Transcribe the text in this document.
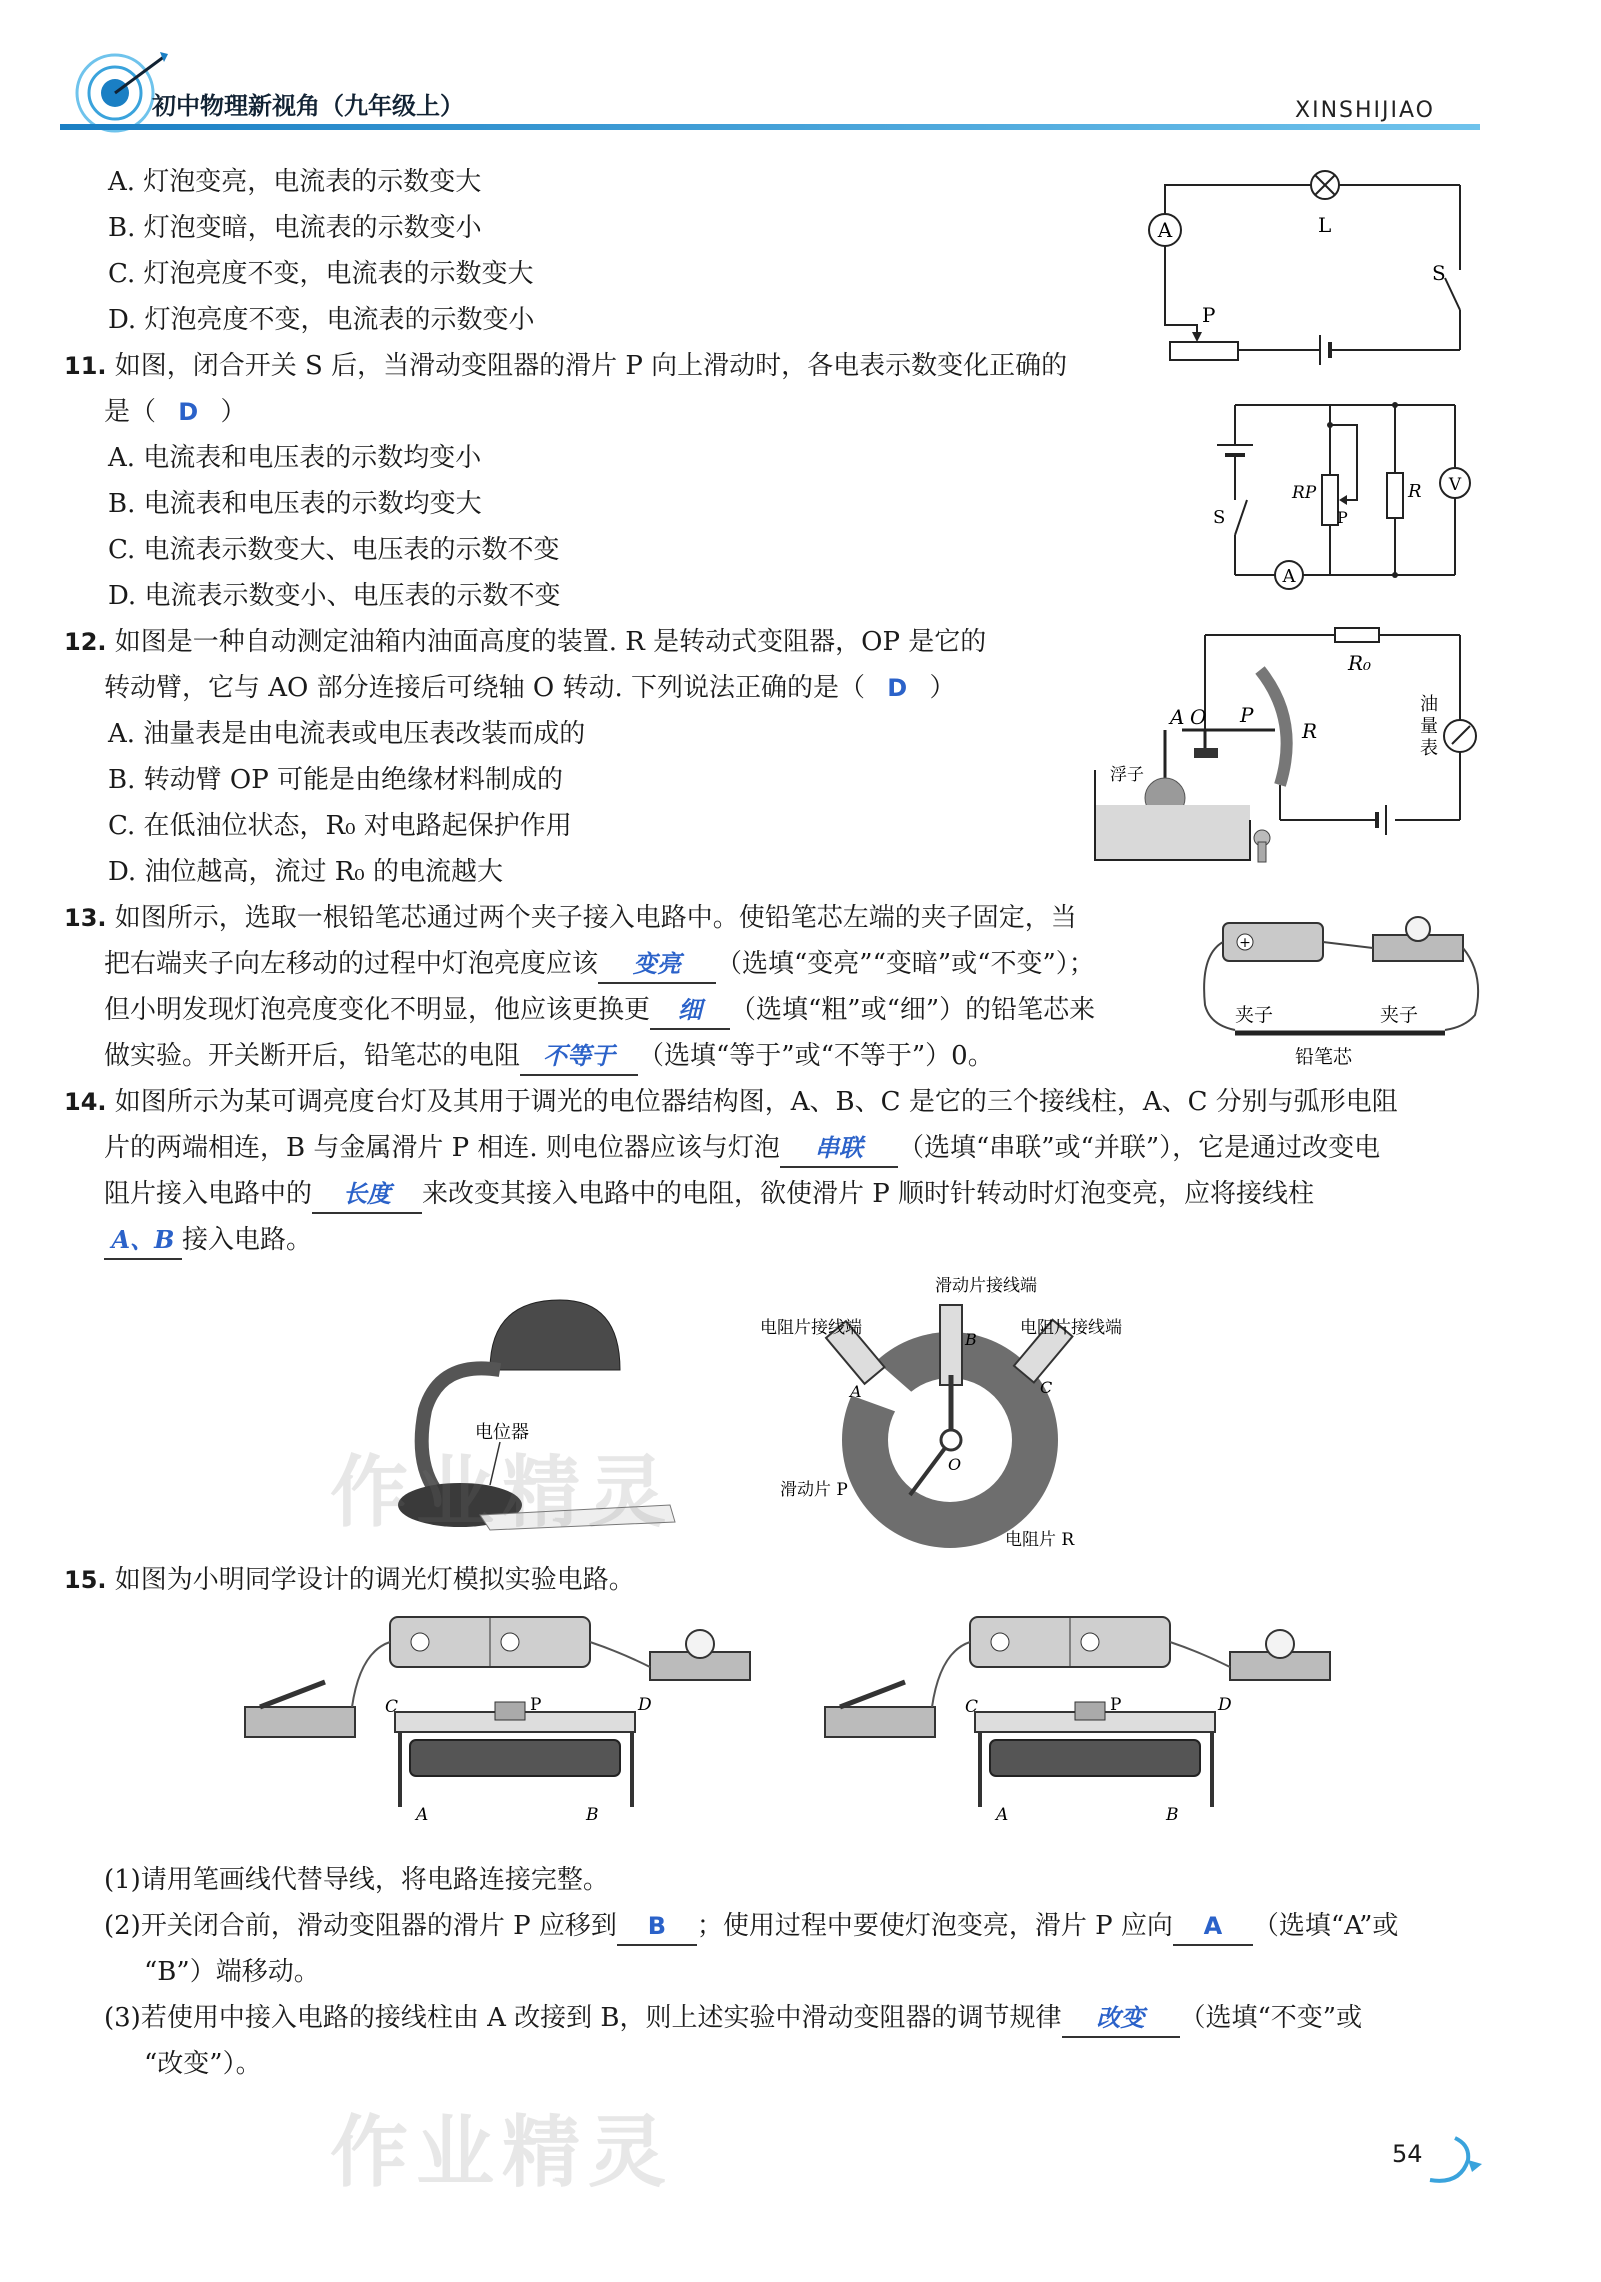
初中物理新视角（九年级上）	XINSHIJIAO
A. 灯泡变亮，电流表的示数变大
B. 灯泡变暗，电流表的示数变小
C. 灯泡亮度不变，电流表的示数变大
D. 灯泡亮度不变，电流表的示数变小
A	L
S
P
11. 如图，闭合开关 S 后，当滑动变阻器的滑片 P 向上滑动时，各电表示数变化正确的
是（ D ）
A. 电流表和电压表的示数均变小
B. 电流表和电压表的示数均变大
C. 电流表示数变大、电压表的示数不变
D. 电流表示数变小、电压表的示数不变
A
RP
P
R V
S
12. 如图是一种自动测定油箱内油面高度的装置. R 是转动式变阻器，OP 是它的
转动臂，它与 AO 部分连接后可绕轴 O 转动. 下列说法正确的是（ D ）
A. 油量表是由电流表或电压表改装而成的
B. 转动臂 OP 可能是由绝缘材料制成的
C. 在低油位状态，R₀ 对电路起保护作用
D. 油位越高，流过 R₀ 的电流越大
R₀
油
量
表
A O P
R
浮子
13. 如图所示，选取一根铅笔芯通过两个夹子接入电路中。使铅笔芯左端的夹子固定，当
把右端夹子向左移动的过程中灯泡亮度应该 变亮 （选填“变亮”“变暗”或“不变”）；
但小明发现灯泡亮度变化不明显，他应该更换更 细 （选填“粗”或“细”）的铅笔芯来
做实验。开关断开后，铅笔芯的电阻 不等于 （选填“等于”或“不等于”）0。
+
夹子	夹子
铅笔芯
14. 如图所示为某可调亮度台灯及其用于调光的电位器结构图，A、B、C 是它的三个接线柱，A、C 分别与弧形电阻
片的两端相连，B 与金属滑片 P 相连. 则电位器应该与灯泡 串联 （选填“串联”或“并联”），它是通过改变电
阻片接入电路中的 长度 来改变其接入电路中的电阻，欲使滑片 P 顺时针转动时灯泡变亮，应将接线柱
A、B 接入电路。
电位器
作业精灵
滑动片接线端
电阻片接线端	电阻片接线端
B
A	C
O
滑动片 P
电阻片 R
15. 如图为小明同学设计的调光灯模拟实验电路。
C	P	D
A	B
C	P	D
A	B
(1)请用笔画线代替导线，将电路连接完整。
(2)开关闭合前，滑动变阻器的滑片 P 应移到 B ；使用过程中要使灯泡变亮，滑片 P 应向 A （选填“A”或
“B”）端移动。
(3)若使用中接入电路的接线柱由 A 改接到 B，则上述实验中滑动变阻器的调节规律 改变 （选填“不变”或
“改变”）。
作业精灵	54
